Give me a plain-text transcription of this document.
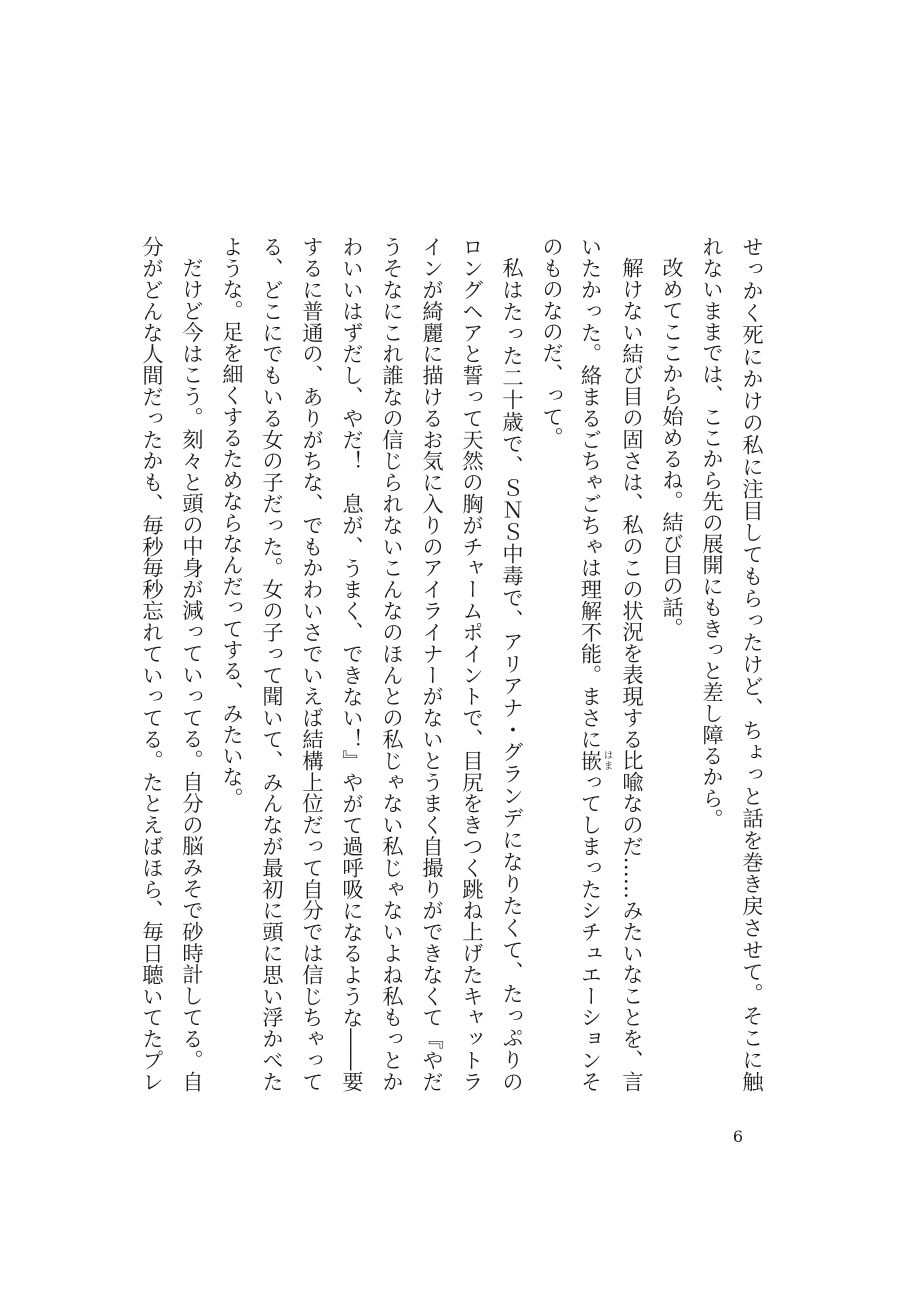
せっかく死にかけの私に注目してもらったけど、ちょっと話を巻き戻させて。そこに触
れないままでは、ここから先の展開にもきっと差し障るから。
改めてここから始めるね。結び目の話。
解けない結び目の固さは、私のこの状況を表現する比喩なのだ……みたいなことを、言
いたかった。絡まるごちゃごちゃは理解不能。まさに嵌はまってしまったシチュエーションそ
のものなのだ、って。
私はたった二十歳で、ＳＮＳ中毒で、アリアナ・グランデになりたくて、たっぷりの
ロングヘアと誓って天然の胸がチャームポイントで、目尻をきつく跳ね上げたキャットラ
インが綺麗に描けるお気に入りのアイライナーがないとうまく自撮りができなくて『やだ
うそなにこれ誰なの信じられないこんなのほんとの私じゃない私じゃないよね私もっとか
わいいはずだし、やだ！　息が、うまく、できない！』やがて過呼吸になるような――要
するに普通の、ありがちな、でもかわいさでいえば結構上位だって自分では信じちゃって
る、どこにでもいる女の子だった。女の子って聞いて、みんなが最初に頭に思い浮かべた
ような。足を細くするためならなんだってする、みたいな。
だけど今はこう。刻々と頭の中身が減っていってる。自分の脳みそで砂時計してる。自
分がどんな人間だったかも、毎秒毎秒忘れていってる。たとえばほら、毎日聴いてたプレ
6
